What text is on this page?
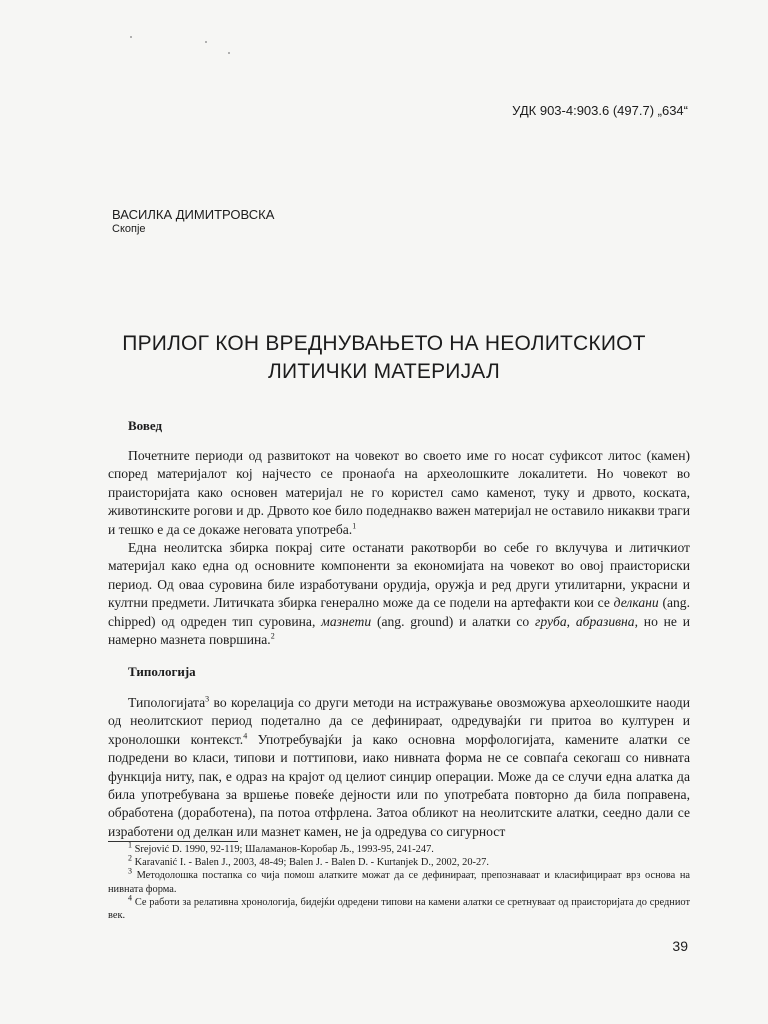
УДК 903-4:903.6 (497.7) „634“
ВАСИЛКА ДИМИТРОВСКА
Скопје
ПРИЛОГ КОН ВРЕДНУВАЊЕТО НА НЕОЛИТСКИОТ
ЛИТИЧКИ МАТЕРИЈАЛ
Вовед

Почетните периоди од развитокот на човекот во своето име го носат суфиксот литос (камен) според материјалот кој најчесто се пронаоѓа на археолошките локалитети. Но човекот во праисторијата како основен материјал не го користел само каменот, туку и дрвото, коската, животинските рогови и др. Дрвото кое било подеднакво важен материјал не оставило никакви траги и тешко е да се докаже неговата употреба.$^1$

Една неолитска збирка покрај сите останати ракотворби во себе го вклучува и литичкиот материјал како една од основните компоненти за економијата на човекот во овој праисториски период. Од оваа суровина биле изработувани орудија, оружја и ред други утилитарни, украсни и култни предмети. Литичката збирка генерално може да се подели на артефакти кои се делкани (ang. chipped) од одреден тип суровина, мазнети (ang. ground) и алатки со груба, абразивна, но не и намерно мазнета површина.$^2$

Типологија

Типологијата$^3$ во корелација со други методи на истражување овозможува археолошките наоди од неолитскиот период подетално да се дефинираат, одредувајќи ги притоа во културен и хронолошки контекст.$^4$ Употребувајќи ја како основна морфологијата, камените алатки се подредени во класи, типови и поттипови, иако нивната форма не се совпаѓа секогаш со нивната функција ниту, пак, е одраз на крајот од целиот синџир операции. Може да се случи една алатка да била употребувана за вршење повеќе дејности или по употребата повторно да била поправена, обработена (доработена), па потоа отфрлена. Затоа обликот на неолитските алатки, сеедно дали се изработени од делкан или мазнет камен, не ја одредува со сигурност

$^1$ Srejović D. 1990, 92-119; Шаламанов-Коробар Љ., 1993-95, 241-247.
$^2$ Karavanić I. - Balen J., 2003, 48-49; Balen J. - Balen D. - Kurtanjek D., 2002, 20-27.
$^3$ Методолошка постапка со чија помош алатките можат да се дефинираат, препознаваат и класифицираат врз основа на нивната форма.
$^4$ Се работи за релативна хронологија, бидејќи одредени типови на камени алатки се сретнуваат од праисторијата до средниот век.
39
